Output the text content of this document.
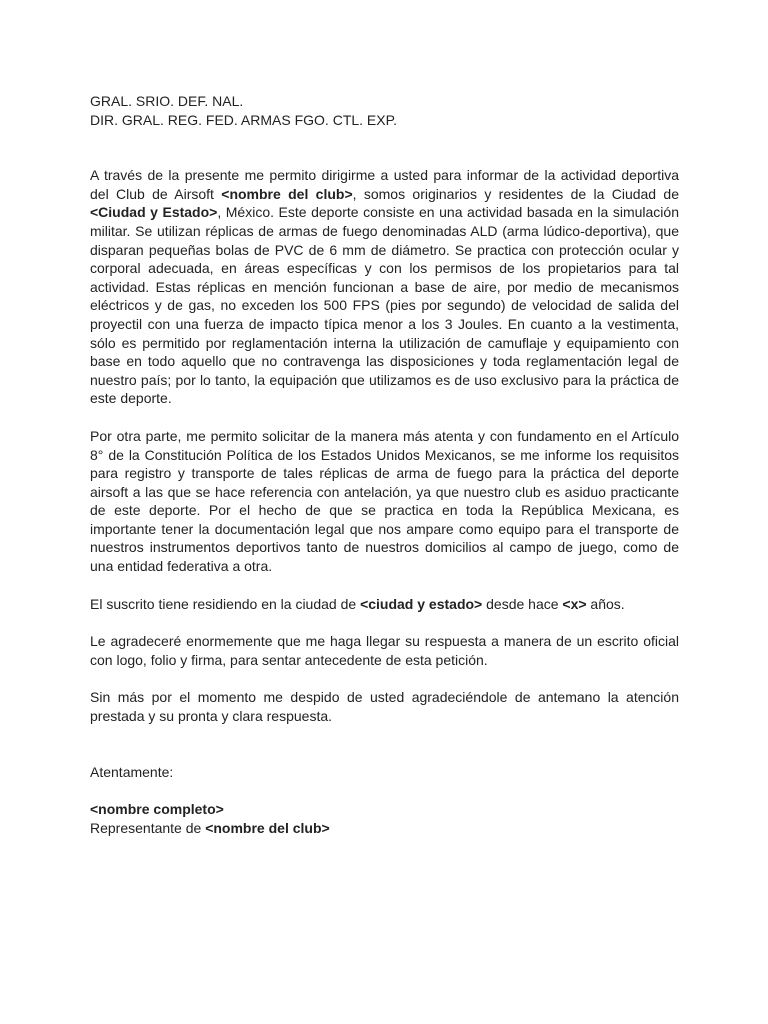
GRAL. SRIO. DEF. NAL.

DIR. GRAL. REG. FED. ARMAS FGO. CTL. EXP.

A través de la presente me permito dirigirme a usted para informar de la actividad deportiva del Club de Airsoft <nombre del club>, somos originarios y residentes de la Ciudad de <Ciudad y Estado>, México. Este deporte consiste en una actividad basada en la simulación militar. Se utilizan réplicas de armas de fuego denominadas ALD (arma lúdico-deportiva), que disparan pequeñas bolas de PVC de 6 mm de diámetro. Se practica con protección ocular y corporal adecuada, en áreas específicas y con los permisos de los propietarios para tal actividad. Estas réplicas en mención funcionan a base de aire, por medio de mecanismos eléctricos y de gas, no exceden los 500 FPS (pies por segundo) de velocidad de salida del proyectil con una fuerza de impacto típica menor a los 3 Joules. En cuanto a la vestimenta, sólo es permitido por reglamentación interna la utilización de camuflaje y equipamiento con base en todo aquello que no contravenga las disposiciones y toda reglamentación legal de nuestro país; por lo tanto, la equipación que utilizamos es de uso exclusivo para la práctica de este deporte.

Por otra parte, me permito solicitar de la manera más atenta y con fundamento en el Artículo 8° de la Constitución Política de los Estados Unidos Mexicanos, se me informe los requisitos para registro y transporte de tales réplicas de arma de fuego para la práctica del deporte airsoft a las que se hace referencia con antelación, ya que nuestro club es asiduo practicante de este deporte. Por el hecho de que se practica en toda la República Mexicana, es importante tener la documentación legal que nos ampare como equipo para el transporte de nuestros instrumentos deportivos tanto de nuestros domicilios al campo de juego, como de una entidad federativa a otra.

El suscrito tiene residiendo en la ciudad de <ciudad y estado> desde hace <x> años.

Le agradeceré enormemente que me haga llegar su respuesta a manera de un escrito oficial con logo, folio y firma, para sentar antecedente de esta petición.

Sin más por el momento me despido de usted agradeciéndole de antemano la atención prestada y su pronta y clara respuesta.

Atentamente:

<nombre completo>

Representante de <nombre del club>
